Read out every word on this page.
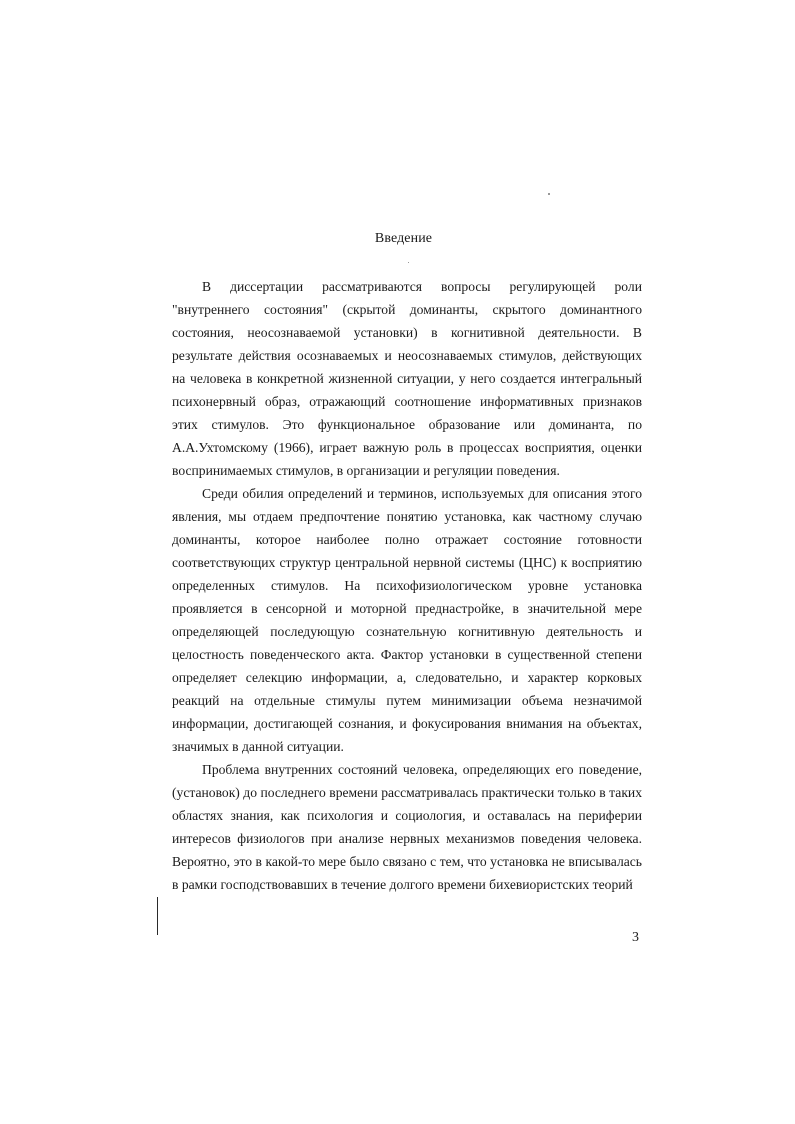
Введение

В диссертации рассматриваются вопросы регулирующей роли "внутреннего состояния" (скрытой доминанты, скрытого доминантного состояния, неосознаваемой установки) в когнитивной деятельности. В результате действия осознаваемых и неосознаваемых стимулов, действующих на человека в конкретной жизненной ситуации, у него создается интегральный психонервный образ, отражающий соотношение информативных признаков этих стимулов. Это функциональное образование или доминанта, по А.А.Ухтомскому (1966), играет важную роль в процессах восприятия, оценки воспринимаемых стимулов, в организации и регуляции поведения.

Среди обилия определений и терминов, используемых для описания этого явления, мы отдаем предпочтение понятию установка, как частному случаю доминанты, которое наиболее полно отражает состояние готовности соответствующих структур центральной нервной системы (ЦНС) к восприятию определенных стимулов. На психофизиологическом уровне установка проявляется в сенсорной и моторной преднастройке, в значительной мере определяющей последующую сознательную когнитивную деятельность и целостность поведенческого акта. Фактор установки в существенной степени определяет селекцию информации, а, следовательно, и характер корковых реакций на отдельные стимулы путем минимизации объема незначимой информации, достигающей сознания, и фокусирования внимания на объектах, значимых в данной ситуации.

Проблема внутренних состояний человека, определяющих его поведение, (установок) до последнего времени рассматривалась практически только в таких областях знания, как психология и социология, и оставалась на периферии интересов физиологов при анализе нервных механизмов поведения человека. Вероятно, это в какой-то мере было связано с тем, что установка не вписывалась в рамки господствовавших в течение долгого времени бихевиористских теорий

3
